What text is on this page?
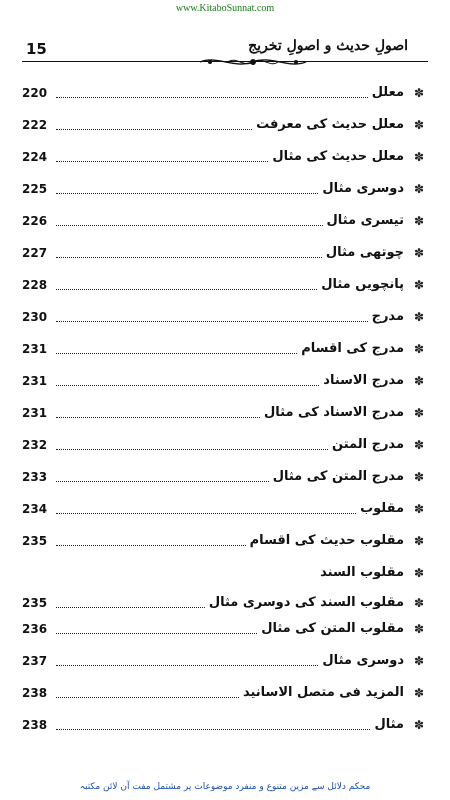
www.KitaboSunnat.com
15	اصولِ حدیث و اصولِ تخریج
220	معلل ✽
222	معلل حدیث کی معرفت ✽
224	معلل حدیث کی مثال ✽
225	دوسری مثال ✽
226	تیسری مثال ✽
227	چوتھی مثال ✽
228	پانچویں مثال ✽
230	مدرج ✽
231	مدرج کی اقسام ✽
231	مدرج الاسناد ✽
231	مدرج الاسناد کی مثال ✽
232	مدرج المتن ✽
233	مدرج المتن کی مثال ✽
234	مقلوب ✽
235	مقلوب حدیث کی اقسام ✽
مقلوب السند ✽
235	مقلوب السند کی دوسری مثال ✽
236	مقلوب المتن کی مثال ✽
237	دوسری مثال ✽
238	المزید فی متصل الاسانید ✽
238	مثال ✽
محکم دلائل سے مزین متنوع و منفرد موضوعات پر مشتمل مفت آن لائن مکتبہ
